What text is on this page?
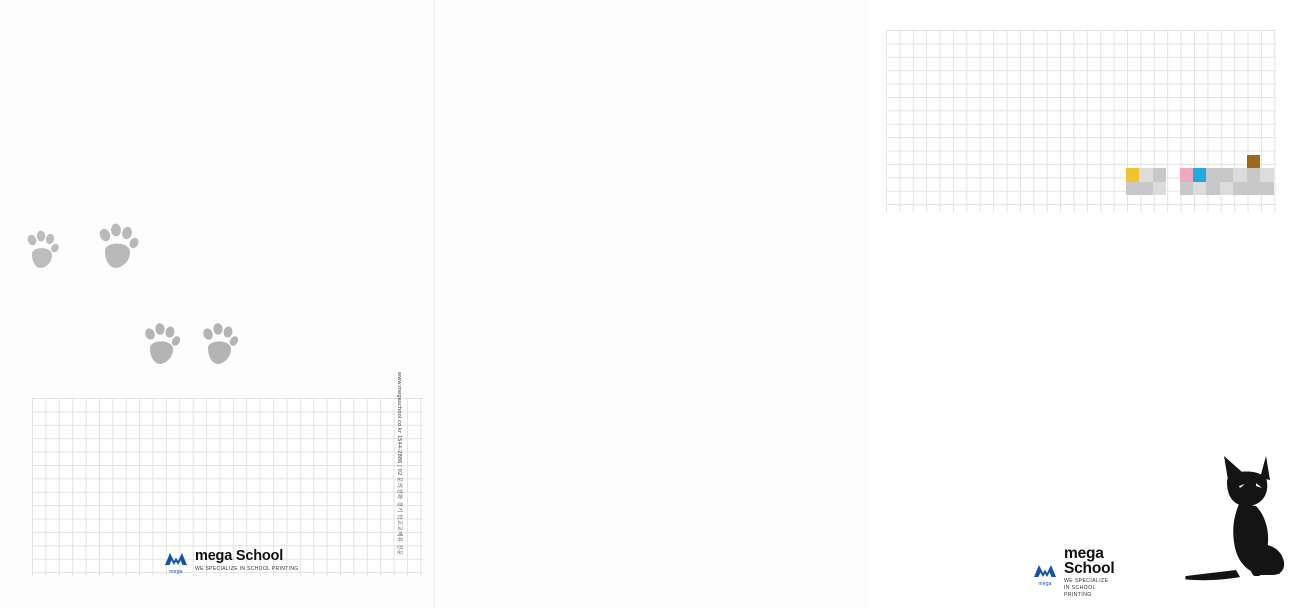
mega
mega School
WE SPECIALIZE IN SCHOOL PRINTING
mega
mega School
WE SPECIALIZE IN SCHOOL PRINTING
www.megaschool.co.kr 1544-2886 | 02 문의전화 경기 학교교재류 전문
